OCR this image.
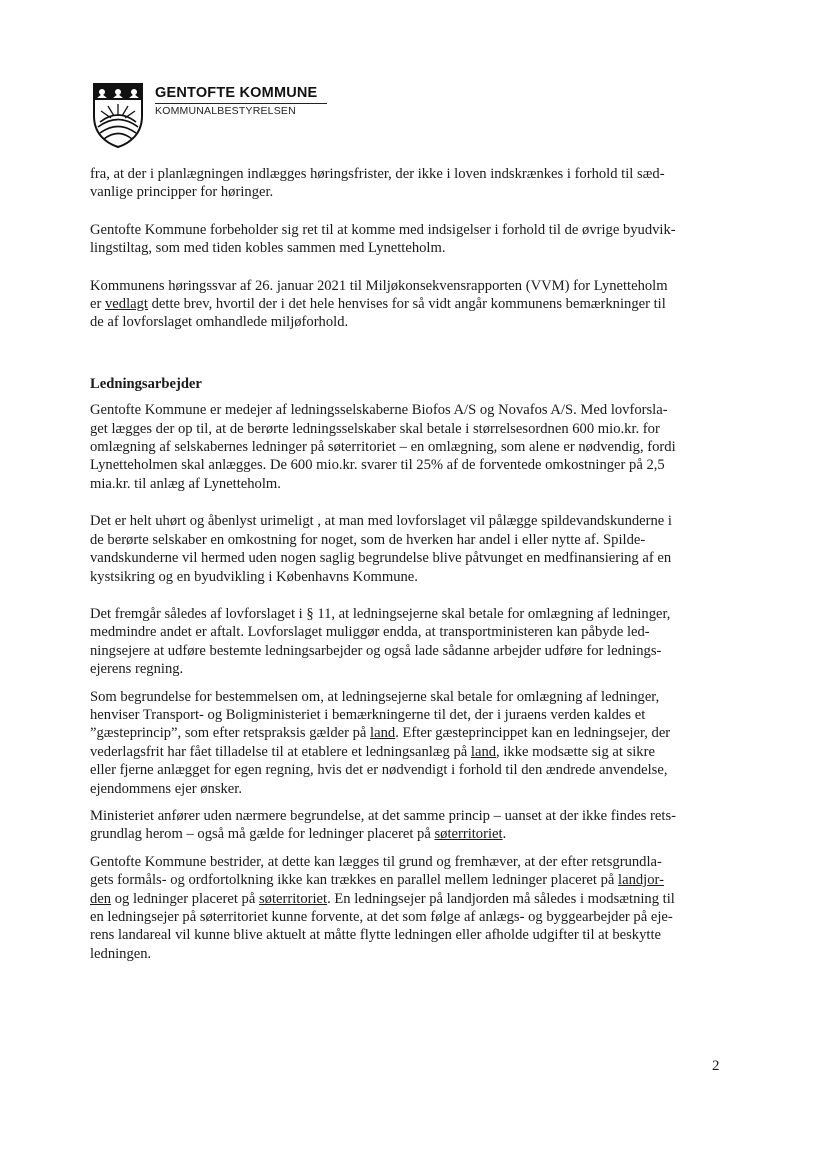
GENTOFTE KOMMUNE
KOMMUNALBESTYRELSEN
fra, at der i planlægningen indlægges høringsfrister, der ikke i loven indskrænkes i forhold til sæd-
vanlige principper for høringer.
Gentofte Kommune forbeholder sig ret til at komme med indsigelser i forhold til de øvrige byudvik-
lingstiltag, som med tiden kobles sammen med Lynetteholm.
Kommunens høringssvar af 26. januar 2021 til Miljøkonsekvensrapporten (VVM) for Lynetteholm
er vedlagt dette brev, hvortil der i det hele henvises for så vidt angår kommunens bemærkninger til
de af lovforslaget omhandlede miljøforhold.
Ledningsarbejder
Gentofte Kommune er medejer af ledningsselskaberne Biofos A/S og Novafos A/S. Med lovforsla-
get lægges der op til, at de berørte ledningsselskaber skal betale i størrelsesordnen 600 mio.kr. for
omlægning af selskabernes ledninger på søterritoriet – en omlægning, som alene er nødvendig, fordi
Lynetteholmen skal anlægges. De 600 mio.kr. svarer til 25% af de forventede omkostninger på 2,5
mia.kr. til anlæg af Lynetteholm.
Det er helt uhørt og åbenlyst urimeligt , at man med lovforslaget vil pålægge spildevandskunderne i
de berørte selskaber en omkostning for noget, som de hverken har andel i eller nytte af. Spilde-
vandskunderne vil hermed uden nogen saglig begrundelse blive påtvunget en medfinansiering af en
kystsikring og en byudvikling i Københavns Kommune.
Det fremgår således af lovforslaget i § 11, at ledningsejerne skal betale for omlægning af ledninger,
medmindre andet er aftalt. Lovforslaget muliggør endda, at transportministeren kan påbyde led-
ningsejere at udføre bestemte ledningsarbejder og også lade sådanne arbejder udføre for lednings-
ejerens regning.
Som begrundelse for bestemmelsen om, at ledningsejerne skal betale for omlægning af ledninger,
henviser Transport- og Boligministeriet i bemærkningerne til det, der i juraens verden kaldes et
”gæsteprincip”, som efter retspraksis gælder på land. Efter gæsteprincippet kan en ledningsejer, der
vederlagsfrit har fået tilladelse til at etablere et ledningsanlæg på land, ikke modsætte sig at sikre
eller fjerne anlægget for egen regning, hvis det er nødvendigt i forhold til den ændrede anvendelse,
ejendommens ejer ønsker.
Ministeriet anfører uden nærmere begrundelse, at det samme princip – uanset at der ikke findes rets-
grundlag herom – også må gælde for ledninger placeret på søterritoriet.
Gentofte Kommune bestrider, at dette kan lægges til grund og fremhæver, at der efter retsgrundla-
gets formåls- og ordfortolkning ikke kan trækkes en parallel mellem ledninger placeret på landjor-
den og ledninger placeret på søterritoriet. En ledningsejer på landjorden må således i modsætning til
en ledningsejer på søterritoriet kunne forvente, at det som følge af anlægs- og byggearbejder på eje-
rens landareal vil kunne blive aktuelt at måtte flytte ledningen eller afholde udgifter til at beskytte
ledningen.
2
